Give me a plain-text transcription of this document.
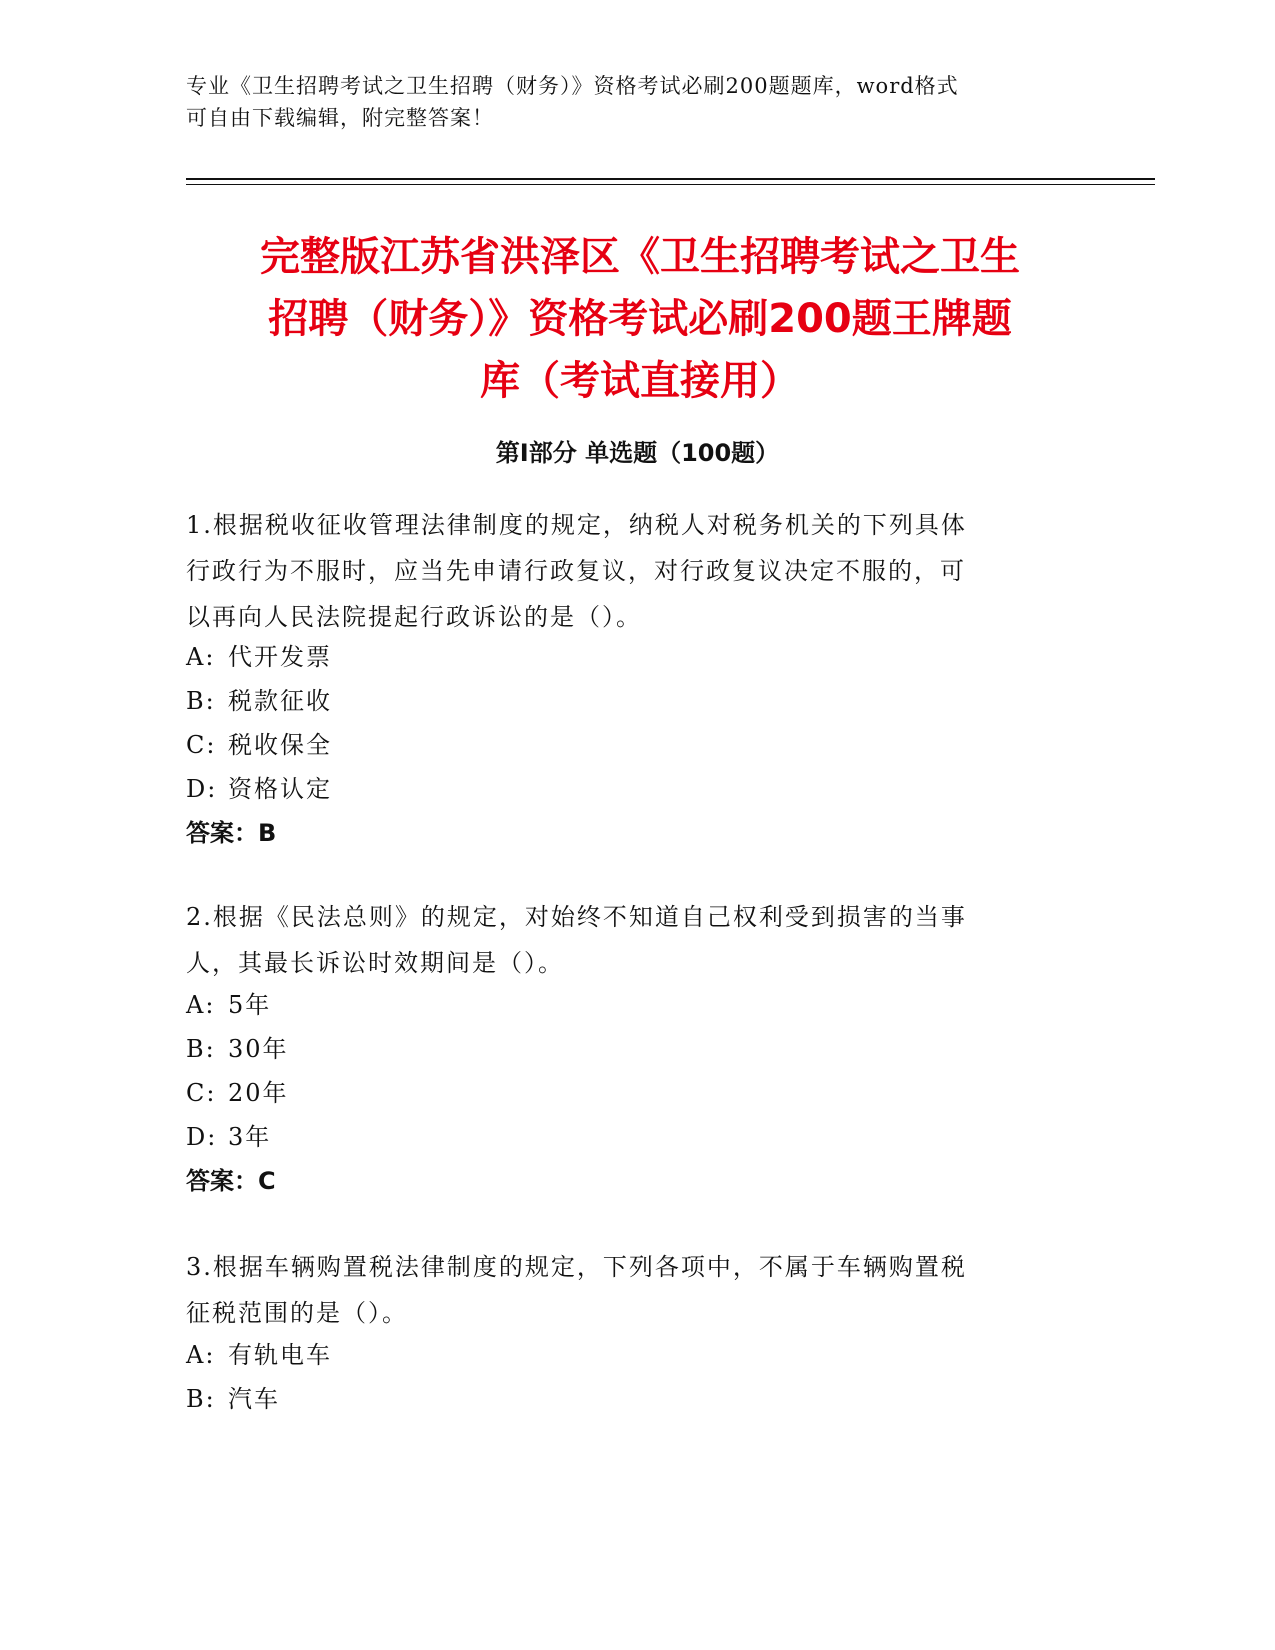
专业《卫生招聘考试之卫生招聘（财务）》资格考试必刷200题题库，word格式
可自由下载编辑，附完整答案！
完整版江苏省洪泽区《卫生招聘考试之卫生
招聘（财务）》资格考试必刷200题王牌题
库（考试直接用）
第Ⅰ部分 单选题（100题）
1.根据税收征收管理法律制度的规定，纳税人对税务机关的下列具体
行政行为不服时，应当先申请行政复议，对行政复议决定不服的，可
以再向人民法院提起行政诉讼的是（）。
A: 代开发票
B: 税款征收
C: 税收保全
D: 资格认定
答案：B
2.根据《民法总则》的规定，对始终不知道自己权利受到损害的当事
人，其最长诉讼时效期间是（）。
A: 5年
B: 30年
C: 20年
D: 3年
答案：C
3.根据车辆购置税法律制度的规定，下列各项中，不属于车辆购置税
征税范围的是（）。
A: 有轨电车
B: 汽车
